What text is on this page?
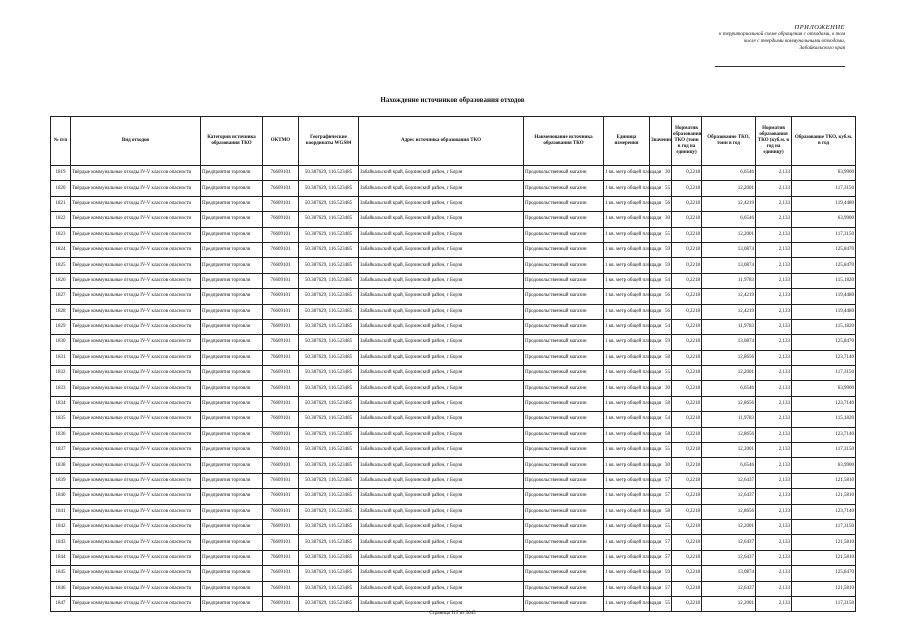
ПРИЛОЖЕНИЕ
к территориальной схеме обращения с отходами, в том
числе с твердыми коммунальными отходами,
Забайкальского края
Нахождение источников образования отходов
№ п/п	Вид отходов	Категория источника образования ТКО	ОКТМО	Географические координаты WGS84	Адрес источника образования ТКО	Наименование источника образования ТКО	Единица измерения	Значение	Норматив образования ТКО (тонн в год на единицу)	Образование ТКО, тонн в год	Норматив образования ТКО (куб.м. в год на единицу)	Образование ТКО, куб.м. в год
1819	Твёрдые коммунальные отходы IV-V классов опасности	Предприятия торговли	76609101	50.387629, 116.523485	Забайкальский край, Борзинский район, г Борзя	Продовольственный магазин	1 кв. метр общей площади	30	0,2218	6,6546	2,133	63,9900
1820	Твёрдые коммунальные отходы IV-V классов опасности	Предприятия торговли	76609101	50.387629, 116.523485	Забайкальский край, Борзинский район, г Борзя	Продовольственный магазин	1 кв. метр общей площади	55	0,2218	12,2001	2,133	117,3150
1821	Твёрдые коммунальные отходы IV-V классов опасности	Предприятия торговли	76609101	50.387629, 116.523485	Забайкальский край, Борзинский район, г Борзя	Продовольственный магазин	1 кв. метр общей площади	56	0,2218	12,4219	2,133	119,4480
1822	Твёрдые коммунальные отходы IV-V классов опасности	Предприятия торговли	76609101	50.387629, 116.523485	Забайкальский край, Борзинский район, г Борзя	Продовольственный магазин	1 кв. метр общей площади	30	0,2218	6,6546	2,133	63,9900
1823	Твёрдые коммунальные отходы IV-V классов опасности	Предприятия торговли	76609101	50.387629, 116.523485	Забайкальский край, Борзинский район, г Борзя	Продовольственный магазин	1 кв. метр общей площади	55	0,2218	12,2001	2,133	117,3150
1824	Твёрдые коммунальные отходы IV-V классов опасности	Предприятия торговли	76609101	50.387629, 116.523485	Забайкальский край, Борзинский район, г Борзя	Продовольственный магазин	1 кв. метр общей площади	59	0,2218	13,0874	2,133	125,8470
1825	Твёрдые коммунальные отходы IV-V классов опасности	Предприятия торговли	76609101	50.387629, 116.523485	Забайкальский край, Борзинский район, г Борзя	Продовольственный магазин	1 кв. метр общей площади	59	0,2218	13,0874	2,133	125,8470
1826	Твёрдые коммунальные отходы IV-V классов опасности	Предприятия торговли	76609101	50.387629, 116.523485	Забайкальский край, Борзинский район, г Борзя	Продовольственный магазин	1 кв. метр общей площади	54	0,2218	11,9783	2,133	115,1820
1827	Твёрдые коммунальные отходы IV-V классов опасности	Предприятия торговли	76609101	50.387629, 116.523485	Забайкальский край, Борзинский район, г Борзя	Продовольственный магазин	1 кв. метр общей площади	56	0,2218	12,4219	2,133	119,4480
1828	Твёрдые коммунальные отходы IV-V классов опасности	Предприятия торговли	76609101	50.387629, 116.523485	Забайкальский край, Борзинский район, г Борзя	Продовольственный магазин	1 кв. метр общей площади	56	0,2218	12,4219	2,133	119,4480
1829	Твёрдые коммунальные отходы IV-V классов опасности	Предприятия торговли	76609101	50.387629, 116.523485	Забайкальский край, Борзинский район, г Борзя	Продовольственный магазин	1 кв. метр общей площади	54	0,2218	11,9783	2,133	115,1820
1830	Твёрдые коммунальные отходы IV-V классов опасности	Предприятия торговли	76609101	50.387629, 116.523485	Забайкальский край, Борзинский район, г Борзя	Продовольственный магазин	1 кв. метр общей площади	59	0,2218	13,0874	2,133	125,8470
1831	Твёрдые коммунальные отходы IV-V классов опасности	Предприятия торговли	76609101	50.387629, 116.523485	Забайкальский край, Борзинский район, г Борзя	Продовольственный магазин	1 кв. метр общей площади	58	0,2218	12,8656	2,133	123,7140
1832	Твёрдые коммунальные отходы IV-V классов опасности	Предприятия торговли	76609101	50.387629, 116.523485	Забайкальский край, Борзинский район, г Борзя	Продовольственный магазин	1 кв. метр общей площади	55	0,2218	12,2001	2,133	117,3150
1833	Твёрдые коммунальные отходы IV-V классов опасности	Предприятия торговли	76609101	50.387629, 116.523485	Забайкальский край, Борзинский район, г Борзя	Продовольственный магазин	1 кв. метр общей площади	30	0,2218	6,6546	2,133	63,9900
1834	Твёрдые коммунальные отходы IV-V классов опасности	Предприятия торговли	76609101	50.387629, 116.523485	Забайкальский край, Борзинский район, г Борзя	Продовольственный магазин	1 кв. метр общей площади	58	0,2218	12,8656	2,133	123,7140
1835	Твёрдые коммунальные отходы IV-V классов опасности	Предприятия торговли	76609101	50.387629, 116.523485	Забайкальский край, Борзинский район, г Борзя	Продовольственный магазин	1 кв. метр общей площади	54	0,2218	11,9783	2,133	115,1820
1836	Твёрдые коммунальные отходы IV-V классов опасности	Предприятия торговли	76609101	50.387629, 116.523485	Забайкальский край, Борзинский район, г Борзя	Продовольственный магазин	1 кв. метр общей площади	58	0,2218	12,8656	2,133	123,7140
1837	Твёрдые коммунальные отходы IV-V классов опасности	Предприятия торговли	76609101	50.387629, 116.523485	Забайкальский край, Борзинский район, г Борзя	Продовольственный магазин	1 кв. метр общей площади	55	0,2218	12,2001	2,133	117,3150
1838	Твёрдые коммунальные отходы IV-V классов опасности	Предприятия торговли	76609101	50.387629, 116.523485	Забайкальский край, Борзинский район, г Борзя	Продовольственный магазин	1 кв. метр общей площади	30	0,2218	6,6546	2,133	63,9900
1839	Твёрдые коммунальные отходы IV-V классов опасности	Предприятия торговли	76609101	50.387629, 116.523485	Забайкальский край, Борзинский район, г Борзя	Продовольственный магазин	1 кв. метр общей площади	57	0,2218	12,6437	2,133	121,5810
1840	Твёрдые коммунальные отходы IV-V классов опасности	Предприятия торговли	76609101	50.387629, 116.523485	Забайкальский край, Борзинский район, г Борзя	Продовольственный магазин	1 кв. метр общей площади	57	0,2218	12,6437	2,133	121,5810
1841	Твёрдые коммунальные отходы IV-V классов опасности	Предприятия торговли	76609101	50.387629, 116.523485	Забайкальский край, Борзинский район, г Борзя	Продовольственный магазин	1 кв. метр общей площади	58	0,2218	12,8656	2,133	123,7140
1842	Твёрдые коммунальные отходы IV-V классов опасности	Предприятия торговли	76609101	50.387629, 116.523485	Забайкальский край, Борзинский район, г Борзя	Продовольственный магазин	1 кв. метр общей площади	55	0,2218	12,2001	2,133	117,3150
1843	Твёрдые коммунальные отходы IV-V классов опасности	Предприятия торговли	76609101	50.387629, 116.523485	Забайкальский край, Борзинский район, г Борзя	Продовольственный магазин	1 кв. метр общей площади	57	0,2218	12,6437	2,133	121,5810
1844	Твёрдые коммунальные отходы IV-V классов опасности	Предприятия торговли	76609101	50.387629, 116.523485	Забайкальский край, Борзинский район, г Борзя	Продовольственный магазин	1 кв. метр общей площади	57	0,2218	12,6437	2,133	121,5810
1845	Твёрдые коммунальные отходы IV-V классов опасности	Предприятия торговли	76609101	50.387629, 116.523485	Забайкальский край, Борзинский район, г Борзя	Продовольственный магазин	1 кв. метр общей площади	59	0,2218	13,0874	2,133	125,8470
1846	Твёрдые коммунальные отходы IV-V классов опасности	Предприятия торговли	76609101	50.387629, 116.523485	Забайкальский край, Борзинский район, г Борзя	Продовольственный магазин	1 кв. метр общей площади	57	0,2218	12,6437	2,133	121,5810
1847	Твёрдые коммунальные отходы IV-V классов опасности	Предприятия торговли	76609101	50.387629, 116.523485	Забайкальский край, Борзинский район, г Борзя	Продовольственный магазин	1 кв. метр общей площади	55	0,2218	12,2001	2,133	117,3150
Страница 115 из 5045
